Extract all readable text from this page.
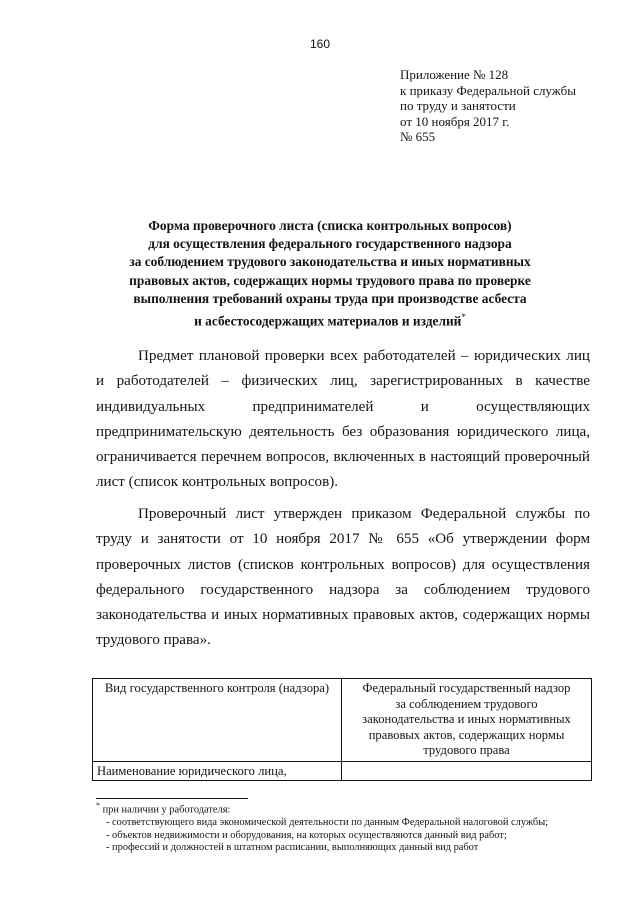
160
Приложение № 128
к приказу Федеральной службы
по труду и занятости
от 10 ноября 2017 г.
№ 655
Форма проверочного листа (списка контрольных вопросов)
для осуществления федерального государственного надзора
за соблюдением трудового законодательства и иных нормативных
правовых актов, содержащих нормы трудового права по проверке
выполнения требований охраны труда при производстве асбеста
и асбестосодержащих материалов и изделий*
Предмет плановой проверки всех работодателей – юридических лиц
и работодателей – физических лиц, зарегистрированных в качестве
индивидуальных предпринимателей и осуществляющих
предпринимательскую деятельность без образования юридического лица,
ограничивается перечнем вопросов, включенных в настоящий проверочный
лист (список контрольных вопросов).
Проверочный лист утвержден приказом Федеральной службы по
труду и занятости от 10 ноября 2017 № 655 «Об утверждении форм
проверочных листов (списков контрольных вопросов) для осуществления
федерального государственного надзора за соблюдением трудового
законодательства и иных нормативных правовых актов, содержащих нормы
трудового права».
Вид государственного контроля (надзора)	Федеральный государственный надзор
за соблюдением трудового
законодательства и иных нормативных
правовых актов, содержащих нормы
трудового права

Наименование юридического лица,	
* при наличии у работодателя:
- соответствующего вида экономической деятельности по данным Федеральной налоговой службы;
- объектов недвижимости и оборудования, на которых осуществляются данный вид работ;
- профессий и должностей в штатном расписании, выполняющих данный вид работ
